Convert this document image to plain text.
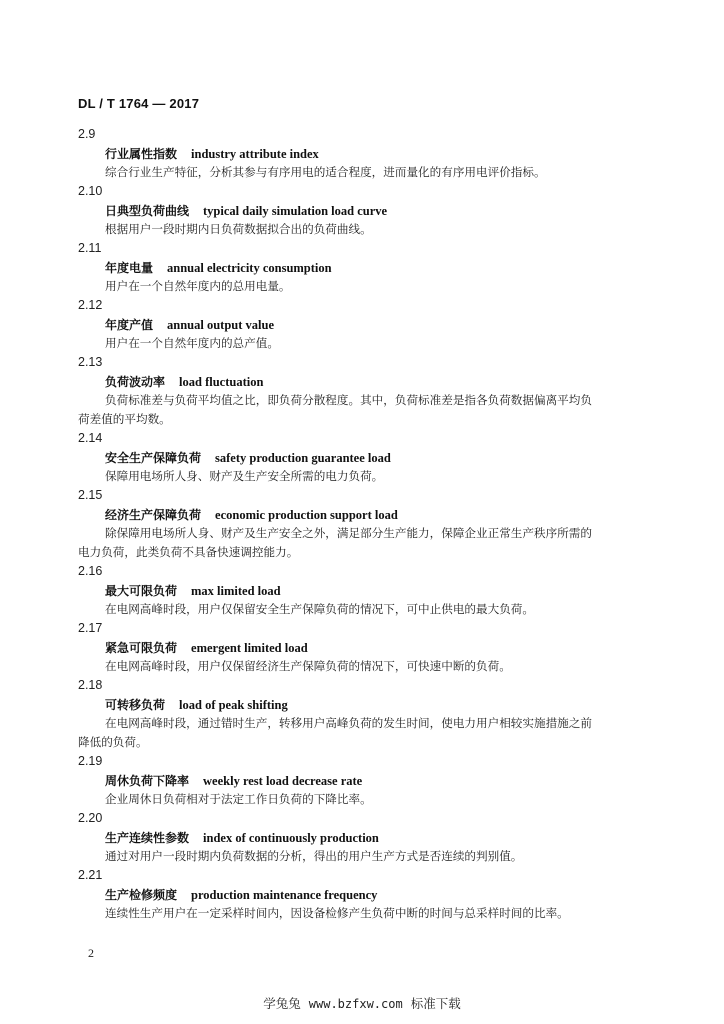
DL / T 1764 — 2017
2.9
行业属性指数 industry attribute index
综合行业生产特征，分析其参与有序用电的适合程度，进而量化的有序用电评价指标。
2.10
日典型负荷曲线 typical daily simulation load curve
根据用户一段时期内日负荷数据拟合出的负荷曲线。
2.11
年度电量 annual electricity consumption
用户在一个自然年度内的总用电量。
2.12
年度产值 annual output value
用户在一个自然年度内的总产值。
2.13
负荷波动率 load fluctuation
负荷标准差与负荷平均值之比，即负荷分散程度。其中，负荷标准差是指各负荷数据偏离平均负
荷差值的平均数。
2.14
安全生产保障负荷 safety production guarantee load
保障用电场所人身、财产及生产安全所需的电力负荷。
2.15
经济生产保障负荷 economic production support load
除保障用电场所人身、财产及生产安全之外，满足部分生产能力，保障企业正常生产秩序所需的
电力负荷，此类负荷不具备快速调控能力。
2.16
最大可限负荷 max limited load
在电网高峰时段，用户仅保留安全生产保障负荷的情况下，可中止供电的最大负荷。
2.17
紧急可限负荷 emergent limited load
在电网高峰时段，用户仅保留经济生产保障负荷的情况下，可快速中断的负荷。
2.18
可转移负荷 load of peak shifting
在电网高峰时段，通过错时生产，转移用户高峰负荷的发生时间，使电力用户相较实施措施之前
降低的负荷。
2.19
周休负荷下降率 weekly rest load decrease rate
企业周休日负荷相对于法定工作日负荷的下降比率。
2.20
生产连续性参数 index of continuously production
通过对用户一段时期内负荷数据的分析，得出的用户生产方式是否连续的判别值。
2.21
生产检修频度 production maintenance frequency
连续性生产用户在一定采样时间内，因设备检修产生负荷中断的时间与总采样时间的比率。
2
学兔兔 www.bzfxw.com 标准下载
